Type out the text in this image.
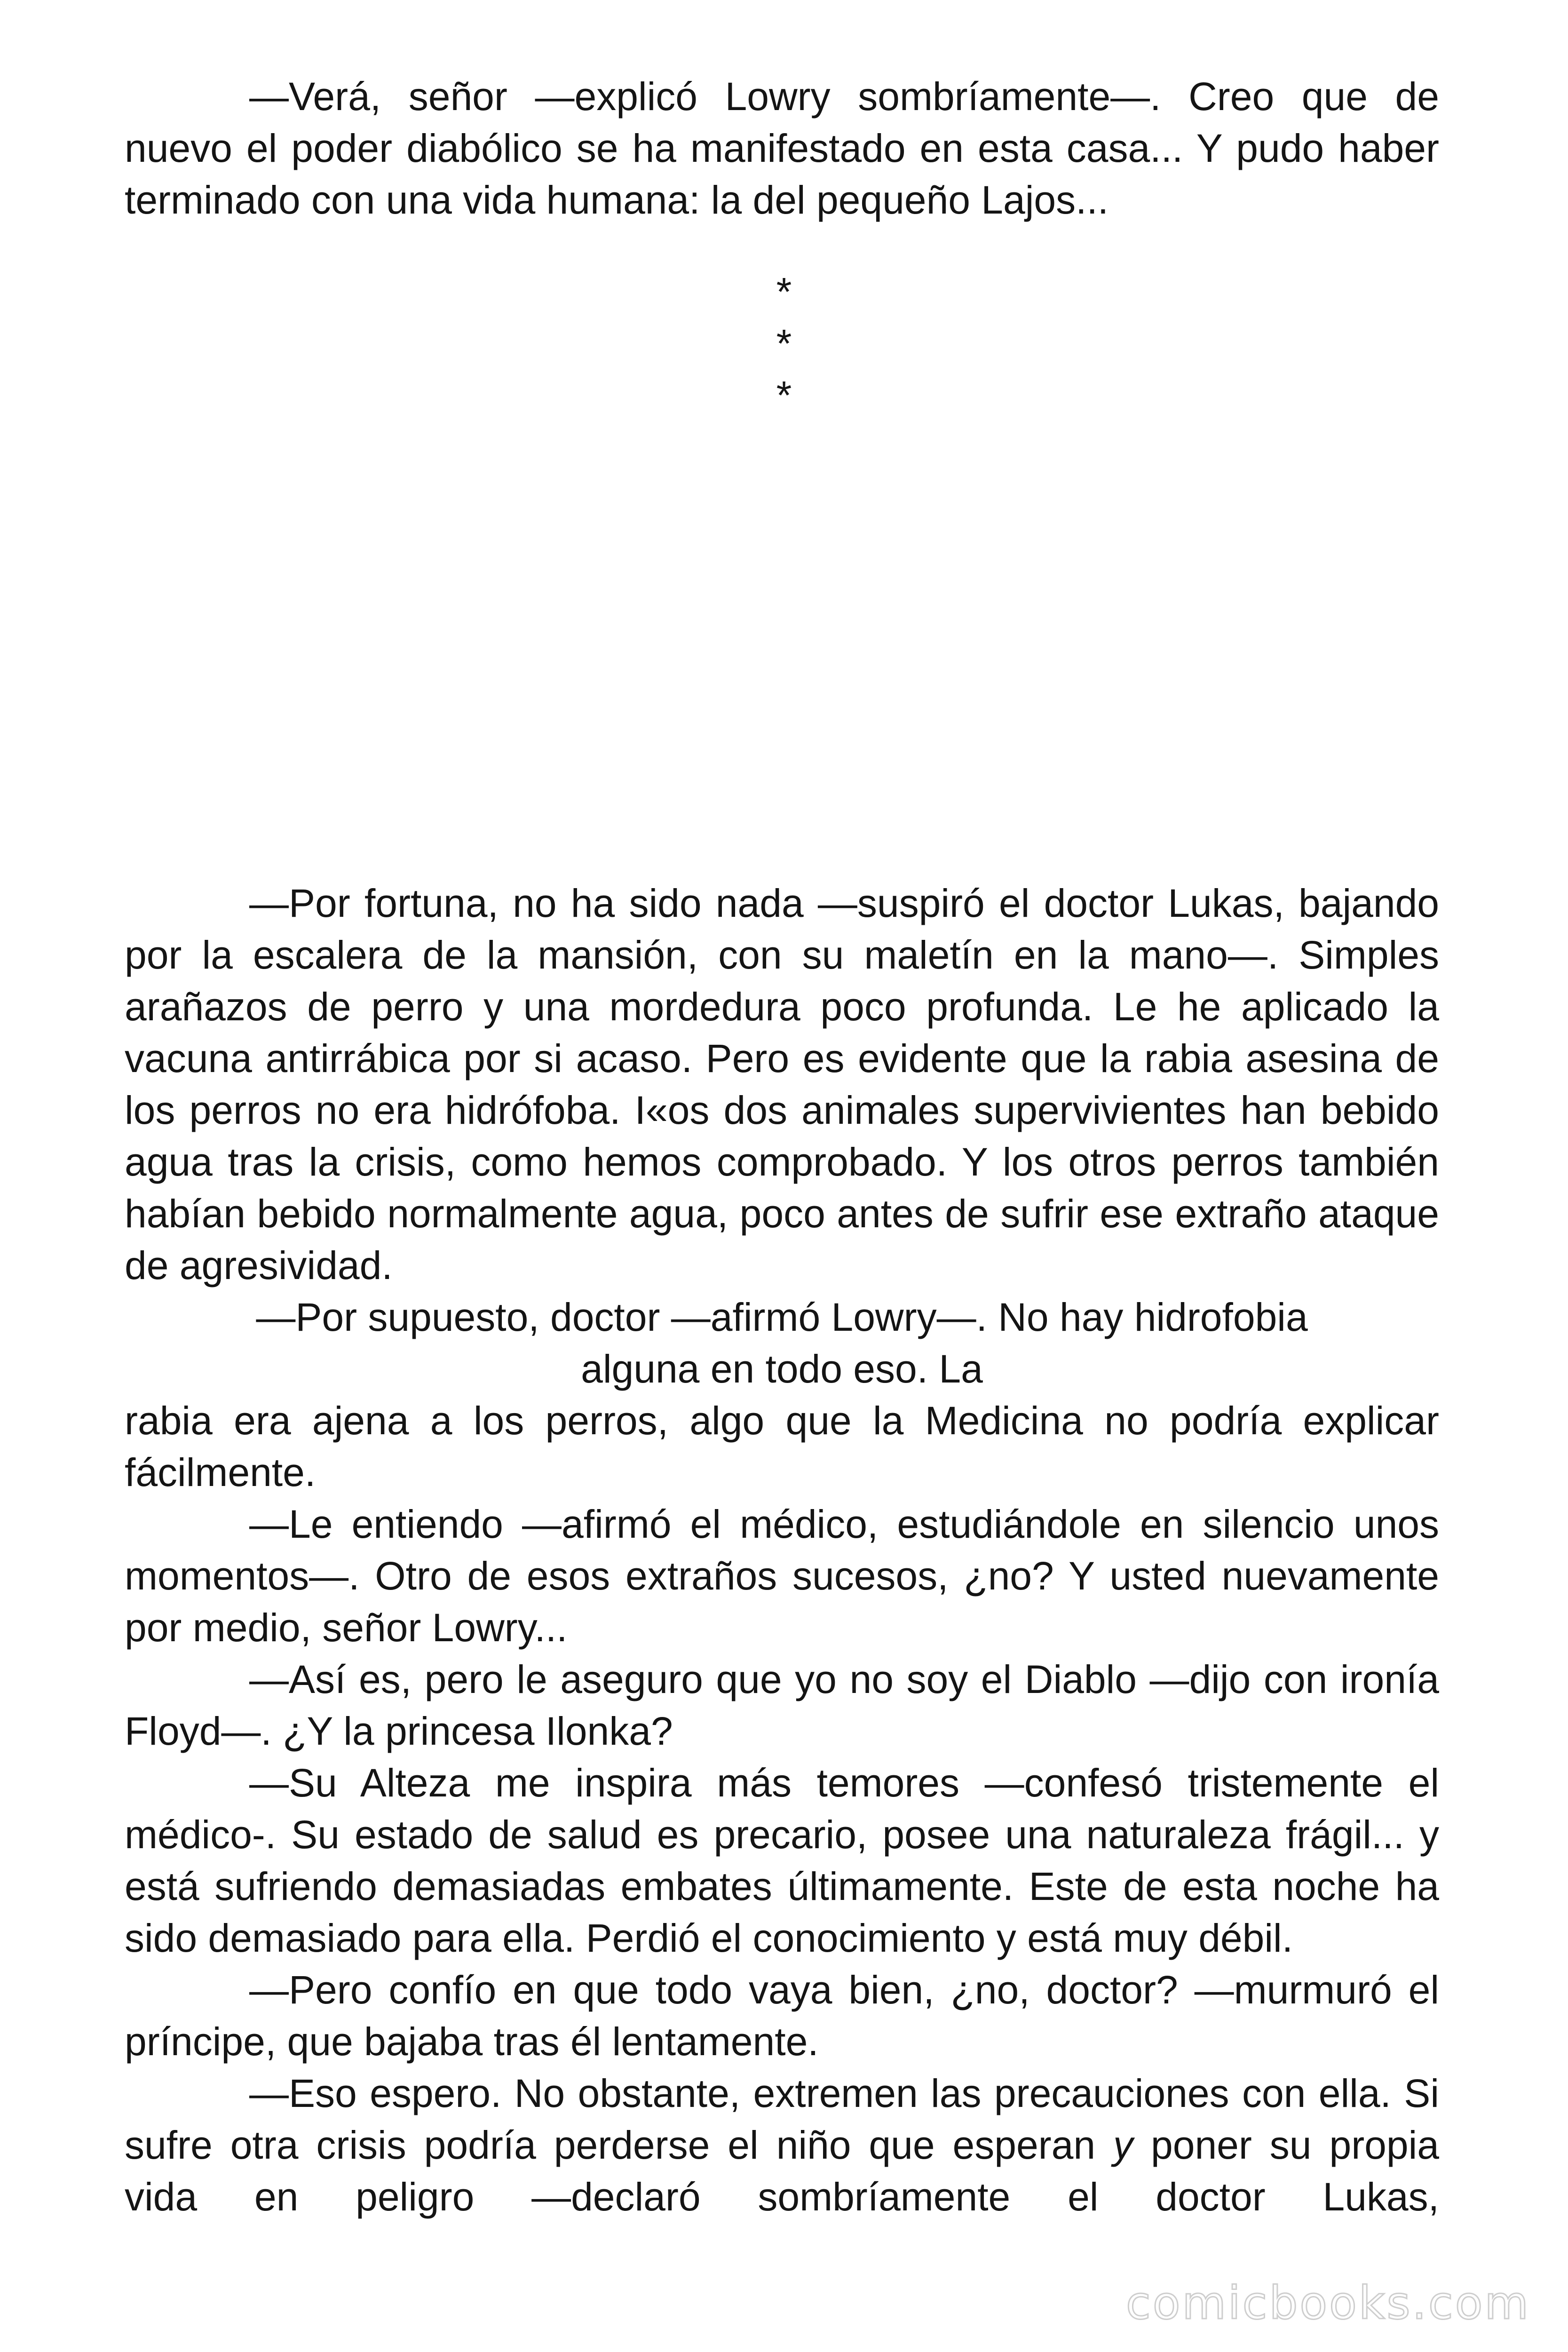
—Verá, señor —explicó Lowry sombríamente—. Creo que de nuevo el poder diabólico se ha manifestado en esta casa... Y pudo haber terminado con una vida humana: la del pequeño Lajos...

*
*
*

—Por fortuna, no ha sido nada —suspiró el doctor Lukas, bajando por la escalera de la mansión, con su maletín en la mano—. Simples arañazos de perro y una mordedura poco profunda. Le he aplicado la vacuna antirrábica por si acaso. Pero es evidente que la rabia asesina de los perros no era hidrófoba. I«os dos animales supervivientes han bebido agua tras la crisis, como hemos comprobado. Y los otros perros también habían bebido normalmente agua, poco antes de sufrir ese extraño ataque de agresividad.

—Por supuesto, doctor —afirmó Lowry—. No hay hidrofobia

alguna en todo eso. La

rabia era ajena a los perros, algo que la Medicina no podría explicar fácilmente.

—Le entiendo —afirmó el médico, estudiándole en silencio unos momentos—. Otro de esos extraños sucesos, ¿no? Y usted nuevamente por medio, señor Lowry...

—Así es, pero le aseguro que yo no soy el Diablo —dijo con ironía Floyd—. ¿Y la princesa Ilonka?

—Su Alteza me inspira más temores —confesó tristemente el médico-. Su estado de salud es precario, posee una naturaleza frágil... y está sufriendo demasiadas embates últimamente. Este de esta noche ha sido demasiado para ella. Perdió el conocimiento y está muy débil.

—Pero confío en que todo vaya bien, ¿no, doctor? —murmuró el príncipe, que bajaba tras él lentamente.

—Eso espero. No obstante, extremen las precauciones con ella. Si sufre otra crisis podría perderse el niño que esperan y poner su propia vida en peligro —declaró sombríamente el doctor Lukas,

comicbooks.com
